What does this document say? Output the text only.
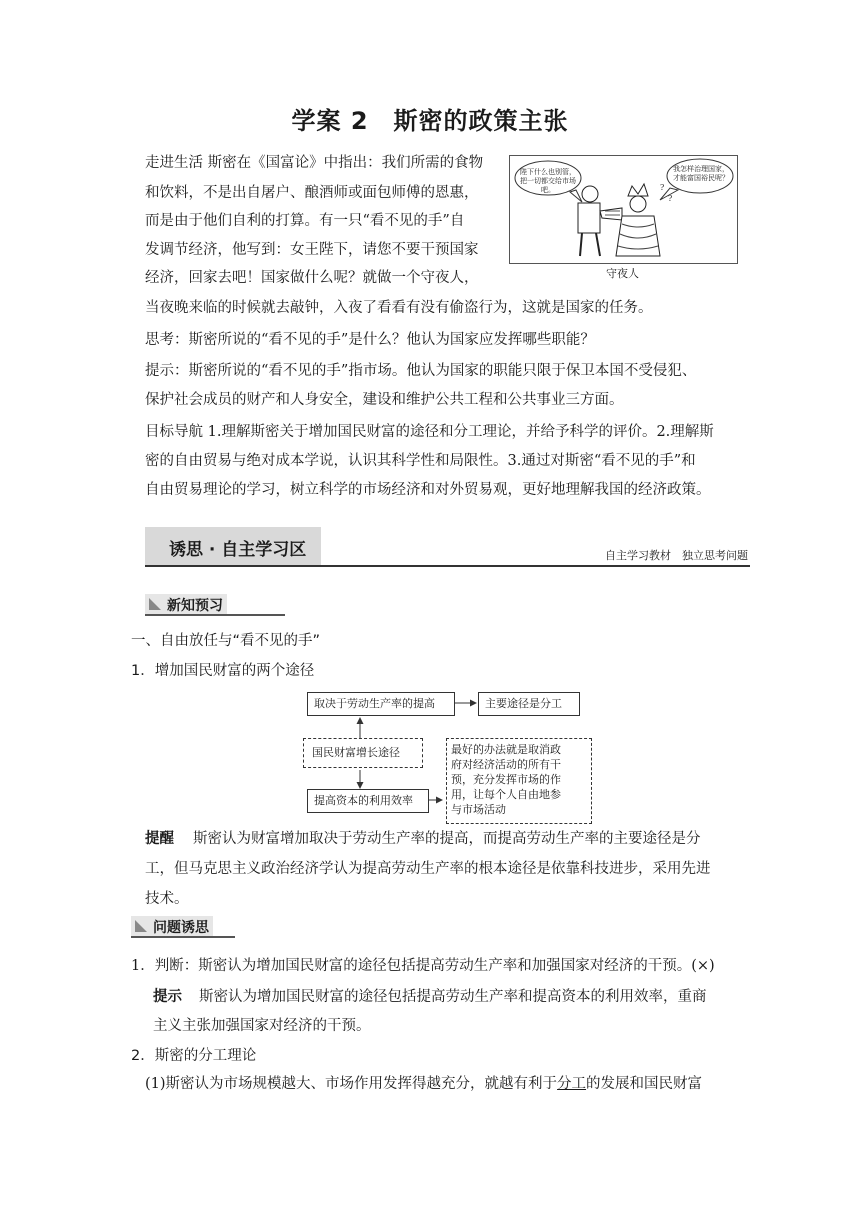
学案 2　斯密的政策主张
走进生活 斯密在《国富论》中指出：我们所需的食物
和饮料，不是出自屠户、酿酒师或面包师傅的恩惠，
而是由于他们自利的打算。有一只“看不见的手”自
发调节经济，他写到：女王陛下，请您不要干预国家
经济，回家去吧！国家做什么呢？就做一个守夜人，
当夜晚来临的时候就去敲钟，入夜了看看有没有偷盗行为，这就是国家的任务。
?
?
陛下什么也别管，把一切都交给市场吧。
我怎样治理国家，才能富国裕民呢？
守夜人
思考：斯密所说的“看不见的手”是什么？他认为国家应发挥哪些职能？
提示：斯密所说的“看不见的手”指市场。他认为国家的职能只限于保卫本国不受侵犯、
保护社会成员的财产和人身安全，建设和维护公共工程和公共事业三方面。
目标导航 1.理解斯密关于增加国民财富的途径和分工理论，并给予科学的评价。2.理解斯
密的自由贸易与绝对成本学说，认识其科学性和局限性。3.通过对斯密“看不见的手”和
自由贸易理论的学习，树立科学的市场经济和对外贸易观，更好地理解我国的经济政策。
诱思 · 自主学习区	自主学习教材　独立思考问题
新知预习
一、自由放任与“看不见的手”
1．增加国民财富的两个途径
取决于劳动生产率的提高	主要途径是分工
国民财富增长途径
提高资本的利用效率
最好的办法就是取消政
府对经济活动的所有干
预，充分发挥市场的作
用，让每个人自由地参
与市场活动
提醒 斯密认为财富增加取决于劳动生产率的提高，而提高劳动生产率的主要途径是分
工，但马克思主义政治经济学认为提高劳动生产率的根本途径是依靠科技进步，采用先进
技术。
问题诱思
1．判断：斯密认为增加国民财富的途径包括提高劳动生产率和加强国家对经济的干预。(×)
提示 斯密认为增加国民财富的途径包括提高劳动生产率和提高资本的利用效率，重商
主义主张加强国家对经济的干预。
2．斯密的分工理论
(1)斯密认为市场规模越大、市场作用发挥得越充分，就越有利于分工的发展和国民财富
